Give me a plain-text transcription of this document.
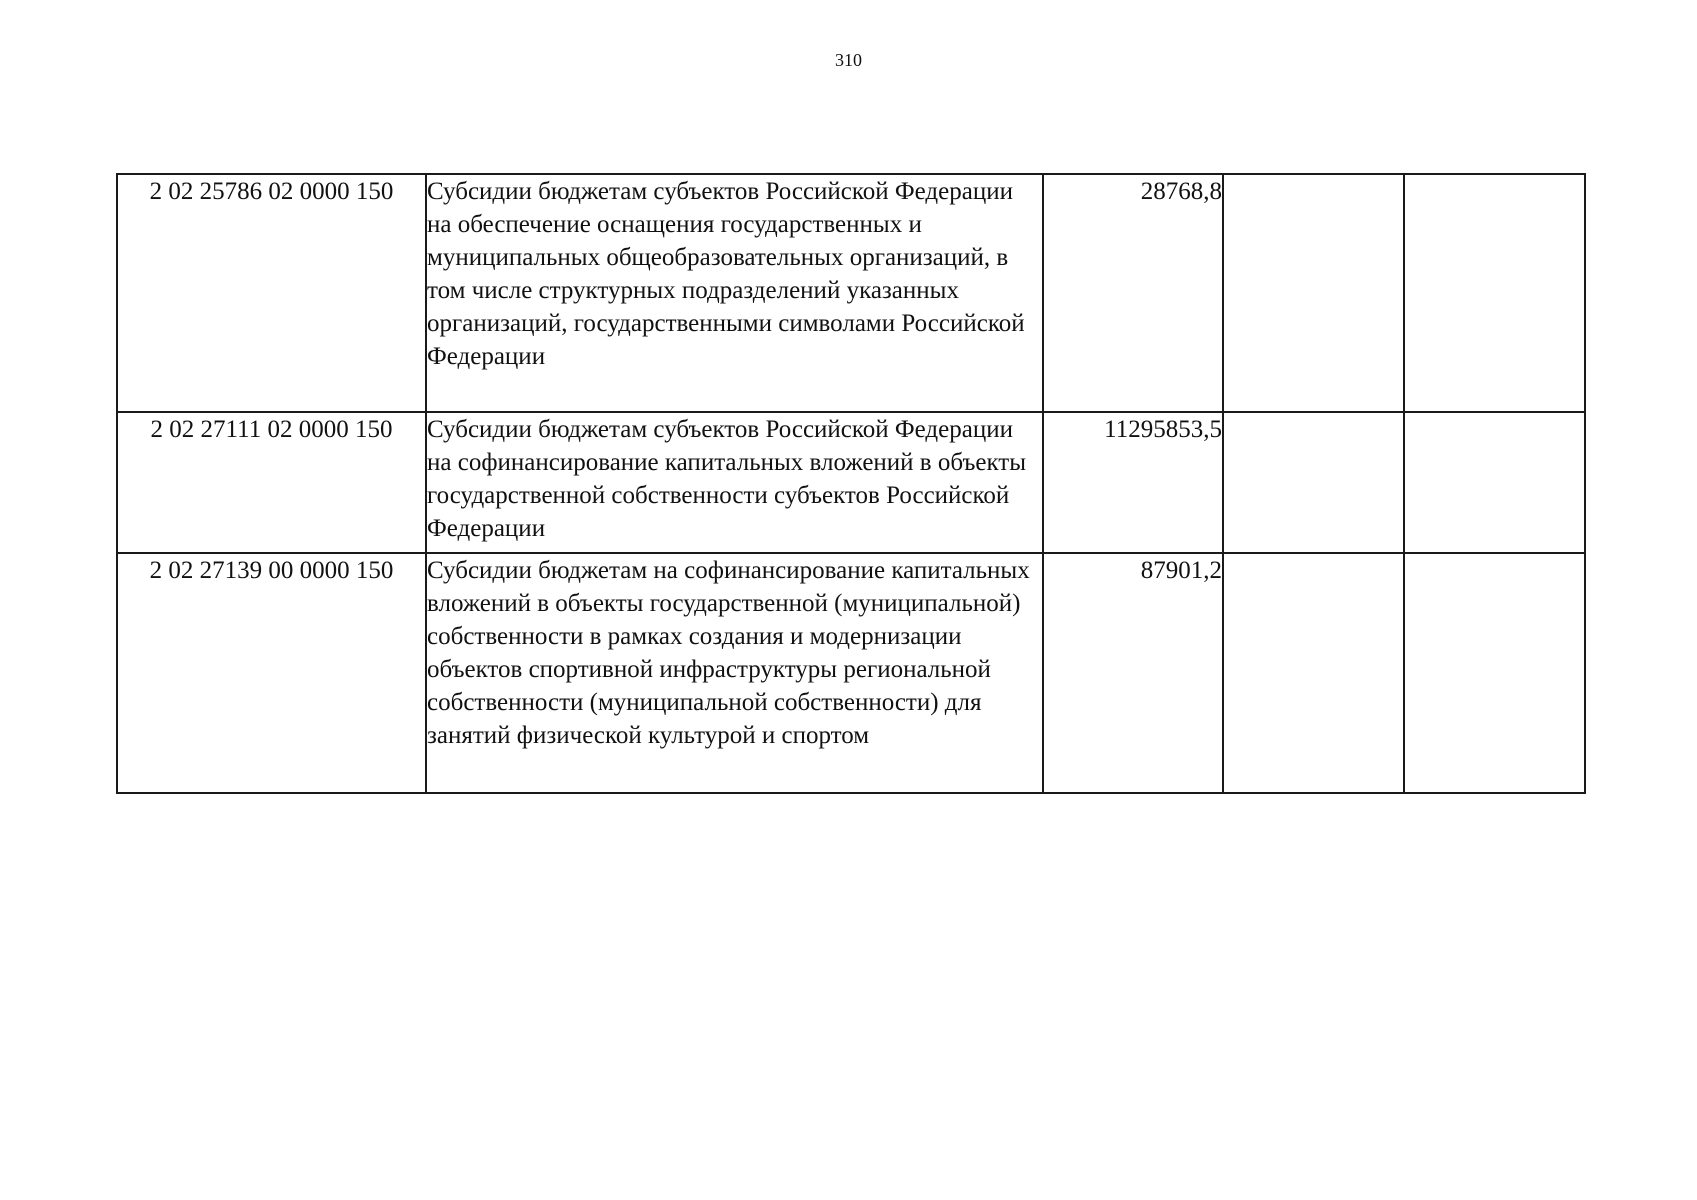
310
2 02 25786 02 0000 150	Субсидии бюджетам субъектов Российской Федерации на обеспечение оснащения государственных и муниципальных общеобразовательных организаций, в том числе структурных подразделений указанных организаций, государственными символами Российской Федерации	28768,8		
2 02 27111 02 0000 150	Субсидии бюджетам субъектов Российской Федерации на софинансирование капитальных вложений в объекты государственной собственности субъектов Российской Федерации	11295853,5		
2 02 27139 00 0000 150	Субсидии бюджетам на софинансирование капитальных вложений в объекты государственной (муниципальной) собственности в рамках создания и модернизации объектов спортивной инфраструктуры региональной собственности (муниципальной собственности) для занятий физической культурой и спортом	87901,2		
